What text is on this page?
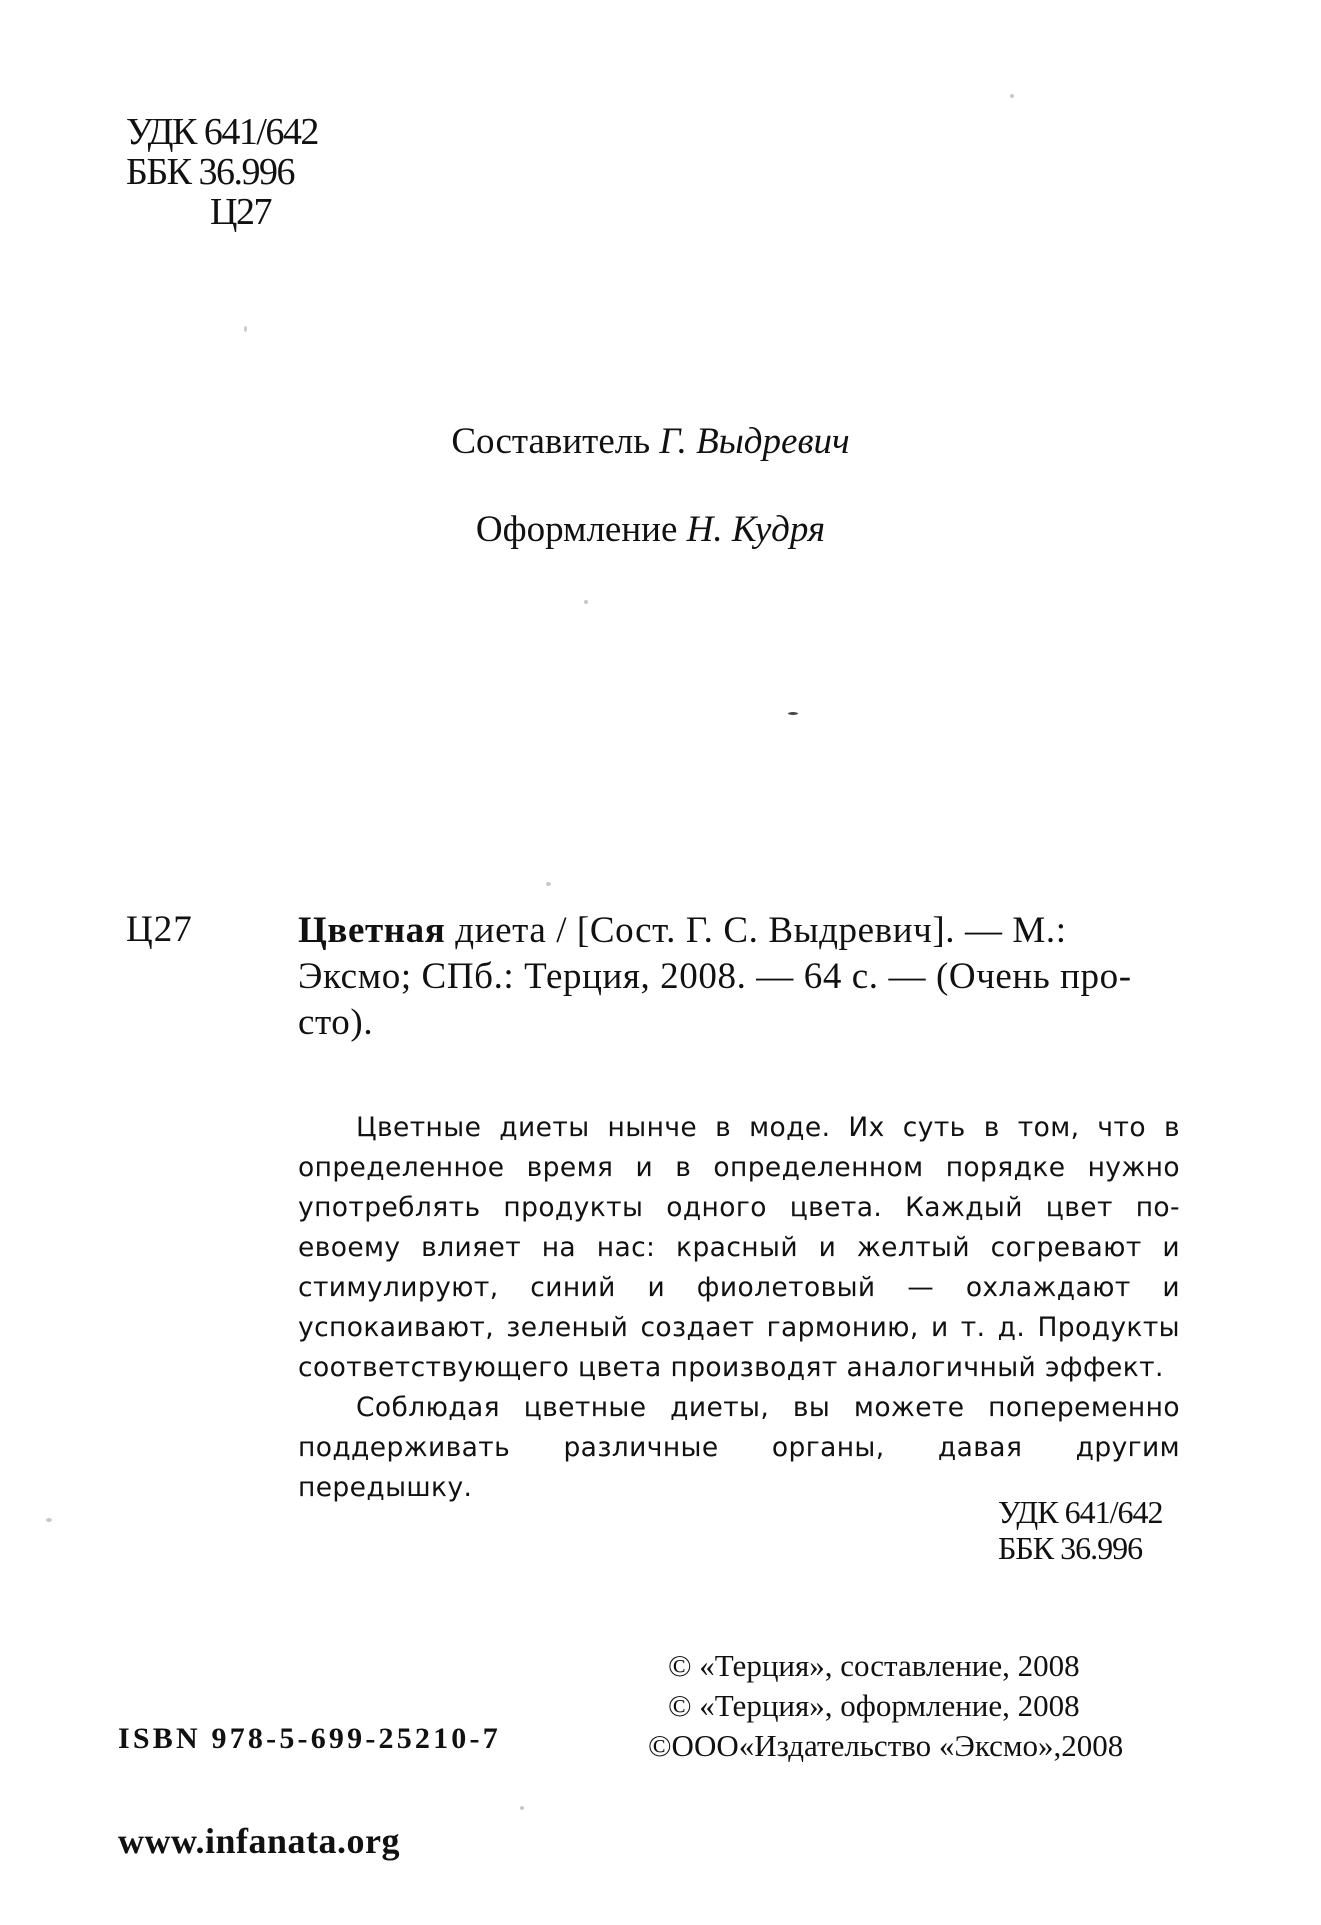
УДК 641/642
ББК 36.996
Ц27
Составитель Г. Выдревич
Оформление Н. Кудря
Ц27	Цветная диета / [Сост. Г. С. Выдревич]. — М.:
Эксмо; СПб.: Терция, 2008. — 64 с. — (Очень про-
сто).

Цветные диеты нынче в моде. Их суть в том, что в определенное время и в определенном порядке нужно употреблять продукты одного цвета. Каждый цвет по-евоему влияет на нас: красный и желтый согревают и стимулируют, синий и фиолетовый — охлаждают и успокаивают, зеленый создает гармонию, и т. д. Продукты соответствующего цвета производят аналогичный эффект.

Соблюдая цветные диеты, вы можете попеременно поддерживать различные органы, давая другим передышку.

УДК 641/642
ББК 36.996
© «Терция», составление, 2008
© «Терция», оформление, 2008
©ООО«Издательство «Эксмо»,2008
ISBN 978-5-699-25210-7
www.infanata.org
